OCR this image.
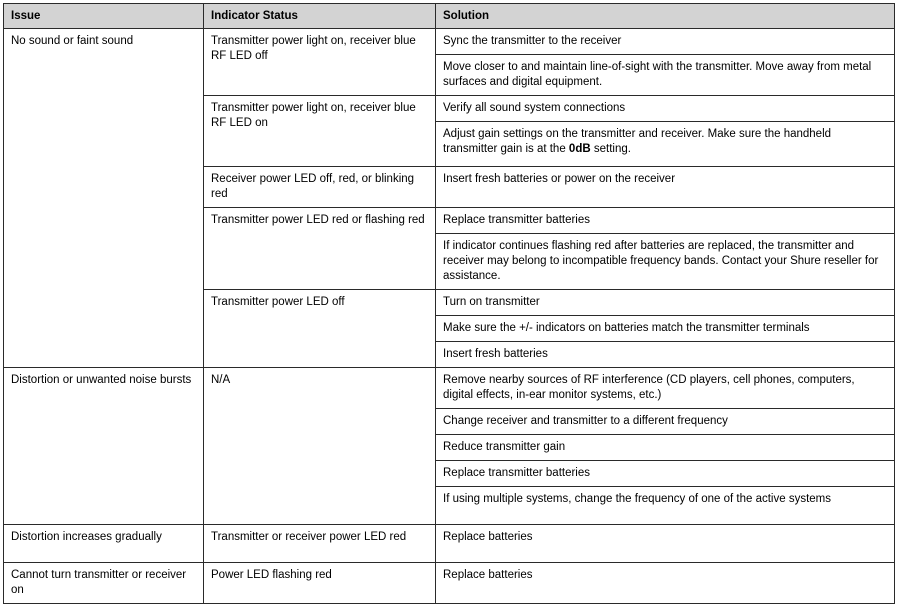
Issue	Indicator Status	Solution
No sound or faint sound	Transmitter power light on, receiver blue RF LED off	Sync the transmitter to the receiver
		Move closer to and maintain line-of-sight with the transmitter. Move away from metal surfaces and digital equipment.
	Transmitter power light on, receiver blue RF LED on	Verify all sound system connections
		Adjust gain settings on the transmitter and receiver. Make sure the handheld transmitter gain is at the 0dB setting.
	Receiver power LED off, red, or blinking red	Insert fresh batteries or power on the receiver
	Transmitter power LED red or flashing red	Replace transmitter batteries
		If indicator continues flashing red after batteries are replaced, the transmitter and receiver may belong to incompatible frequency bands. Contact your Shure reseller for assistance.
	Transmitter power LED off	Turn on transmitter
		Make sure the +/- indicators on batteries match the transmitter terminals
		Insert fresh batteries
Distortion or unwanted noise bursts	N/A	Remove nearby sources of RF interference (CD players, cell phones, computers, digital effects, in-ear monitor systems, etc.)
		Change receiver and transmitter to a different frequency
		Reduce transmitter gain
		Replace transmitter batteries
		If using multiple systems, change the frequency of one of the active systems
Distortion increases gradually	Transmitter or receiver power LED red	Replace batteries
Cannot turn transmitter or receiver on	Power LED flashing red	Replace batteries
